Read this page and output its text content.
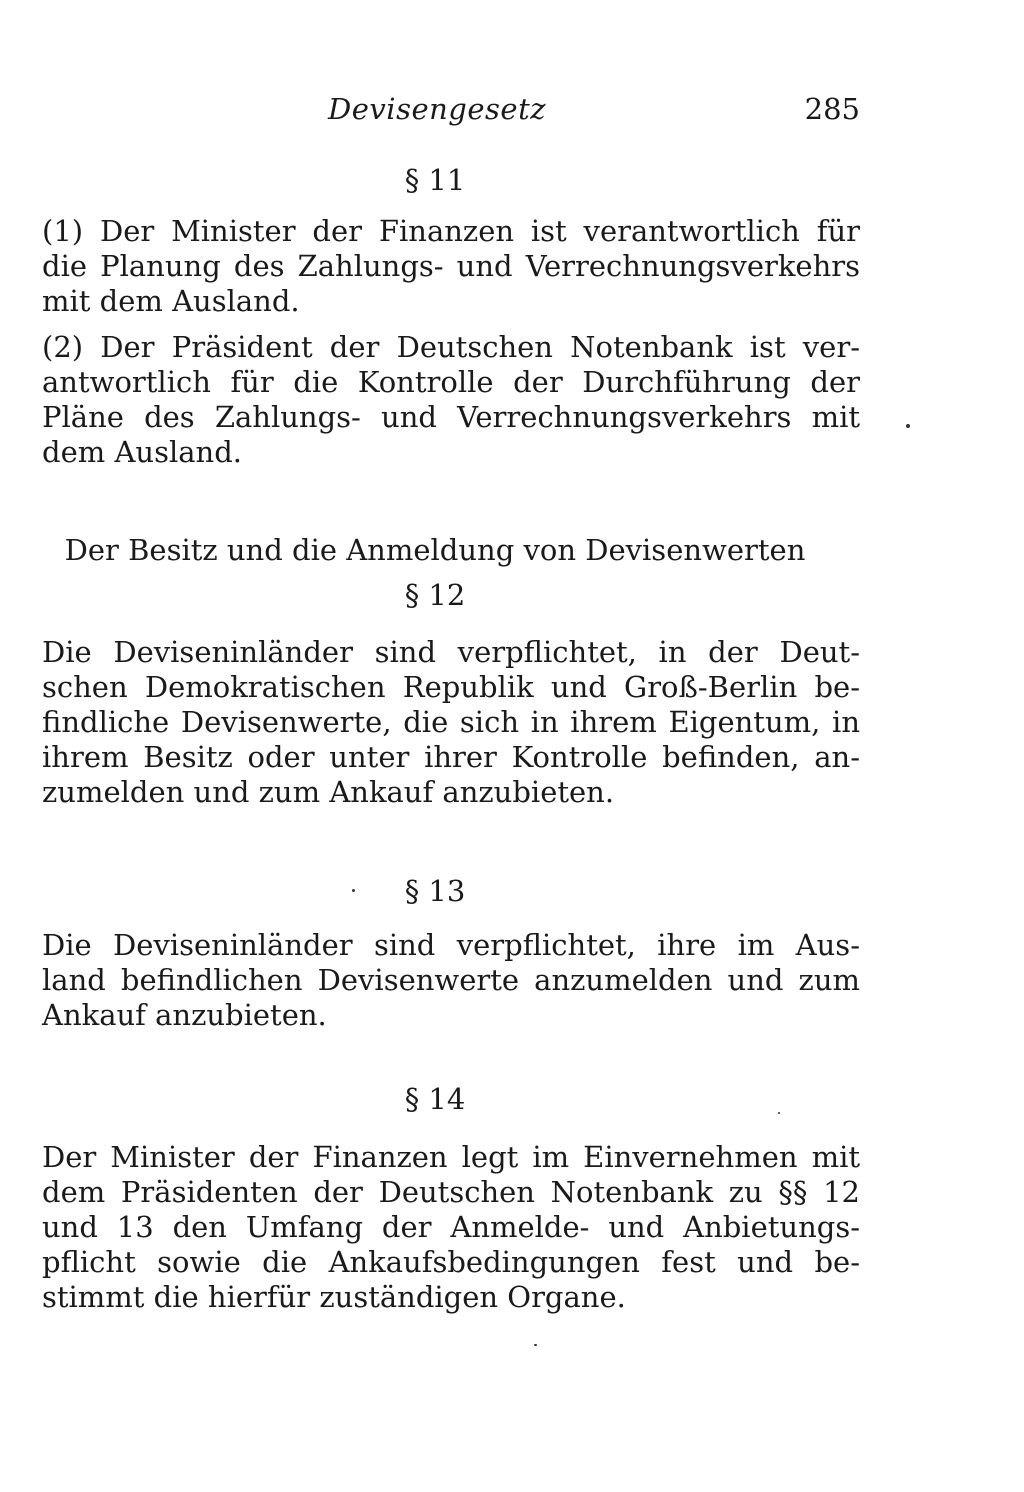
Devisengesetz	285
§ 11

(1) Der Minister der Finanzen ist verantwortlich für
die Planung des Zahlungs- und Verrechnungsverkehrs
mit dem Ausland.

(2) Der Präsident der Deutschen Notenbank ist ver-
antwortlich für die Kontrolle der Durchführung der
Pläne des Zahlungs- und Verrechnungsverkehrs mit
dem Ausland.

Der Besitz und die Anmeldung von Devisenwerten
§ 12

Die Deviseninländer sind verpflichtet, in der Deut-
schen Demokratischen Republik und Groß-Berlin be-
findliche Devisenwerte, die sich in ihrem Eigentum, in
ihrem Besitz oder unter ihrer Kontrolle befinden, an-
zumelden und zum Ankauf anzubieten.

§ 13

Die Deviseninländer sind verpflichtet, ihre im Aus-
land befindlichen Devisenwerte anzumelden und zum
Ankauf anzubieten.

§ 14

Der Minister der Finanzen legt im Einvernehmen mit
dem Präsidenten der Deutschen Notenbank zu §§ 12
und 13 den Umfang der Anmelde- und Anbietungs-
pflicht sowie die Ankaufsbedingungen fest und be-
stimmt die hierfür zuständigen Organe.
